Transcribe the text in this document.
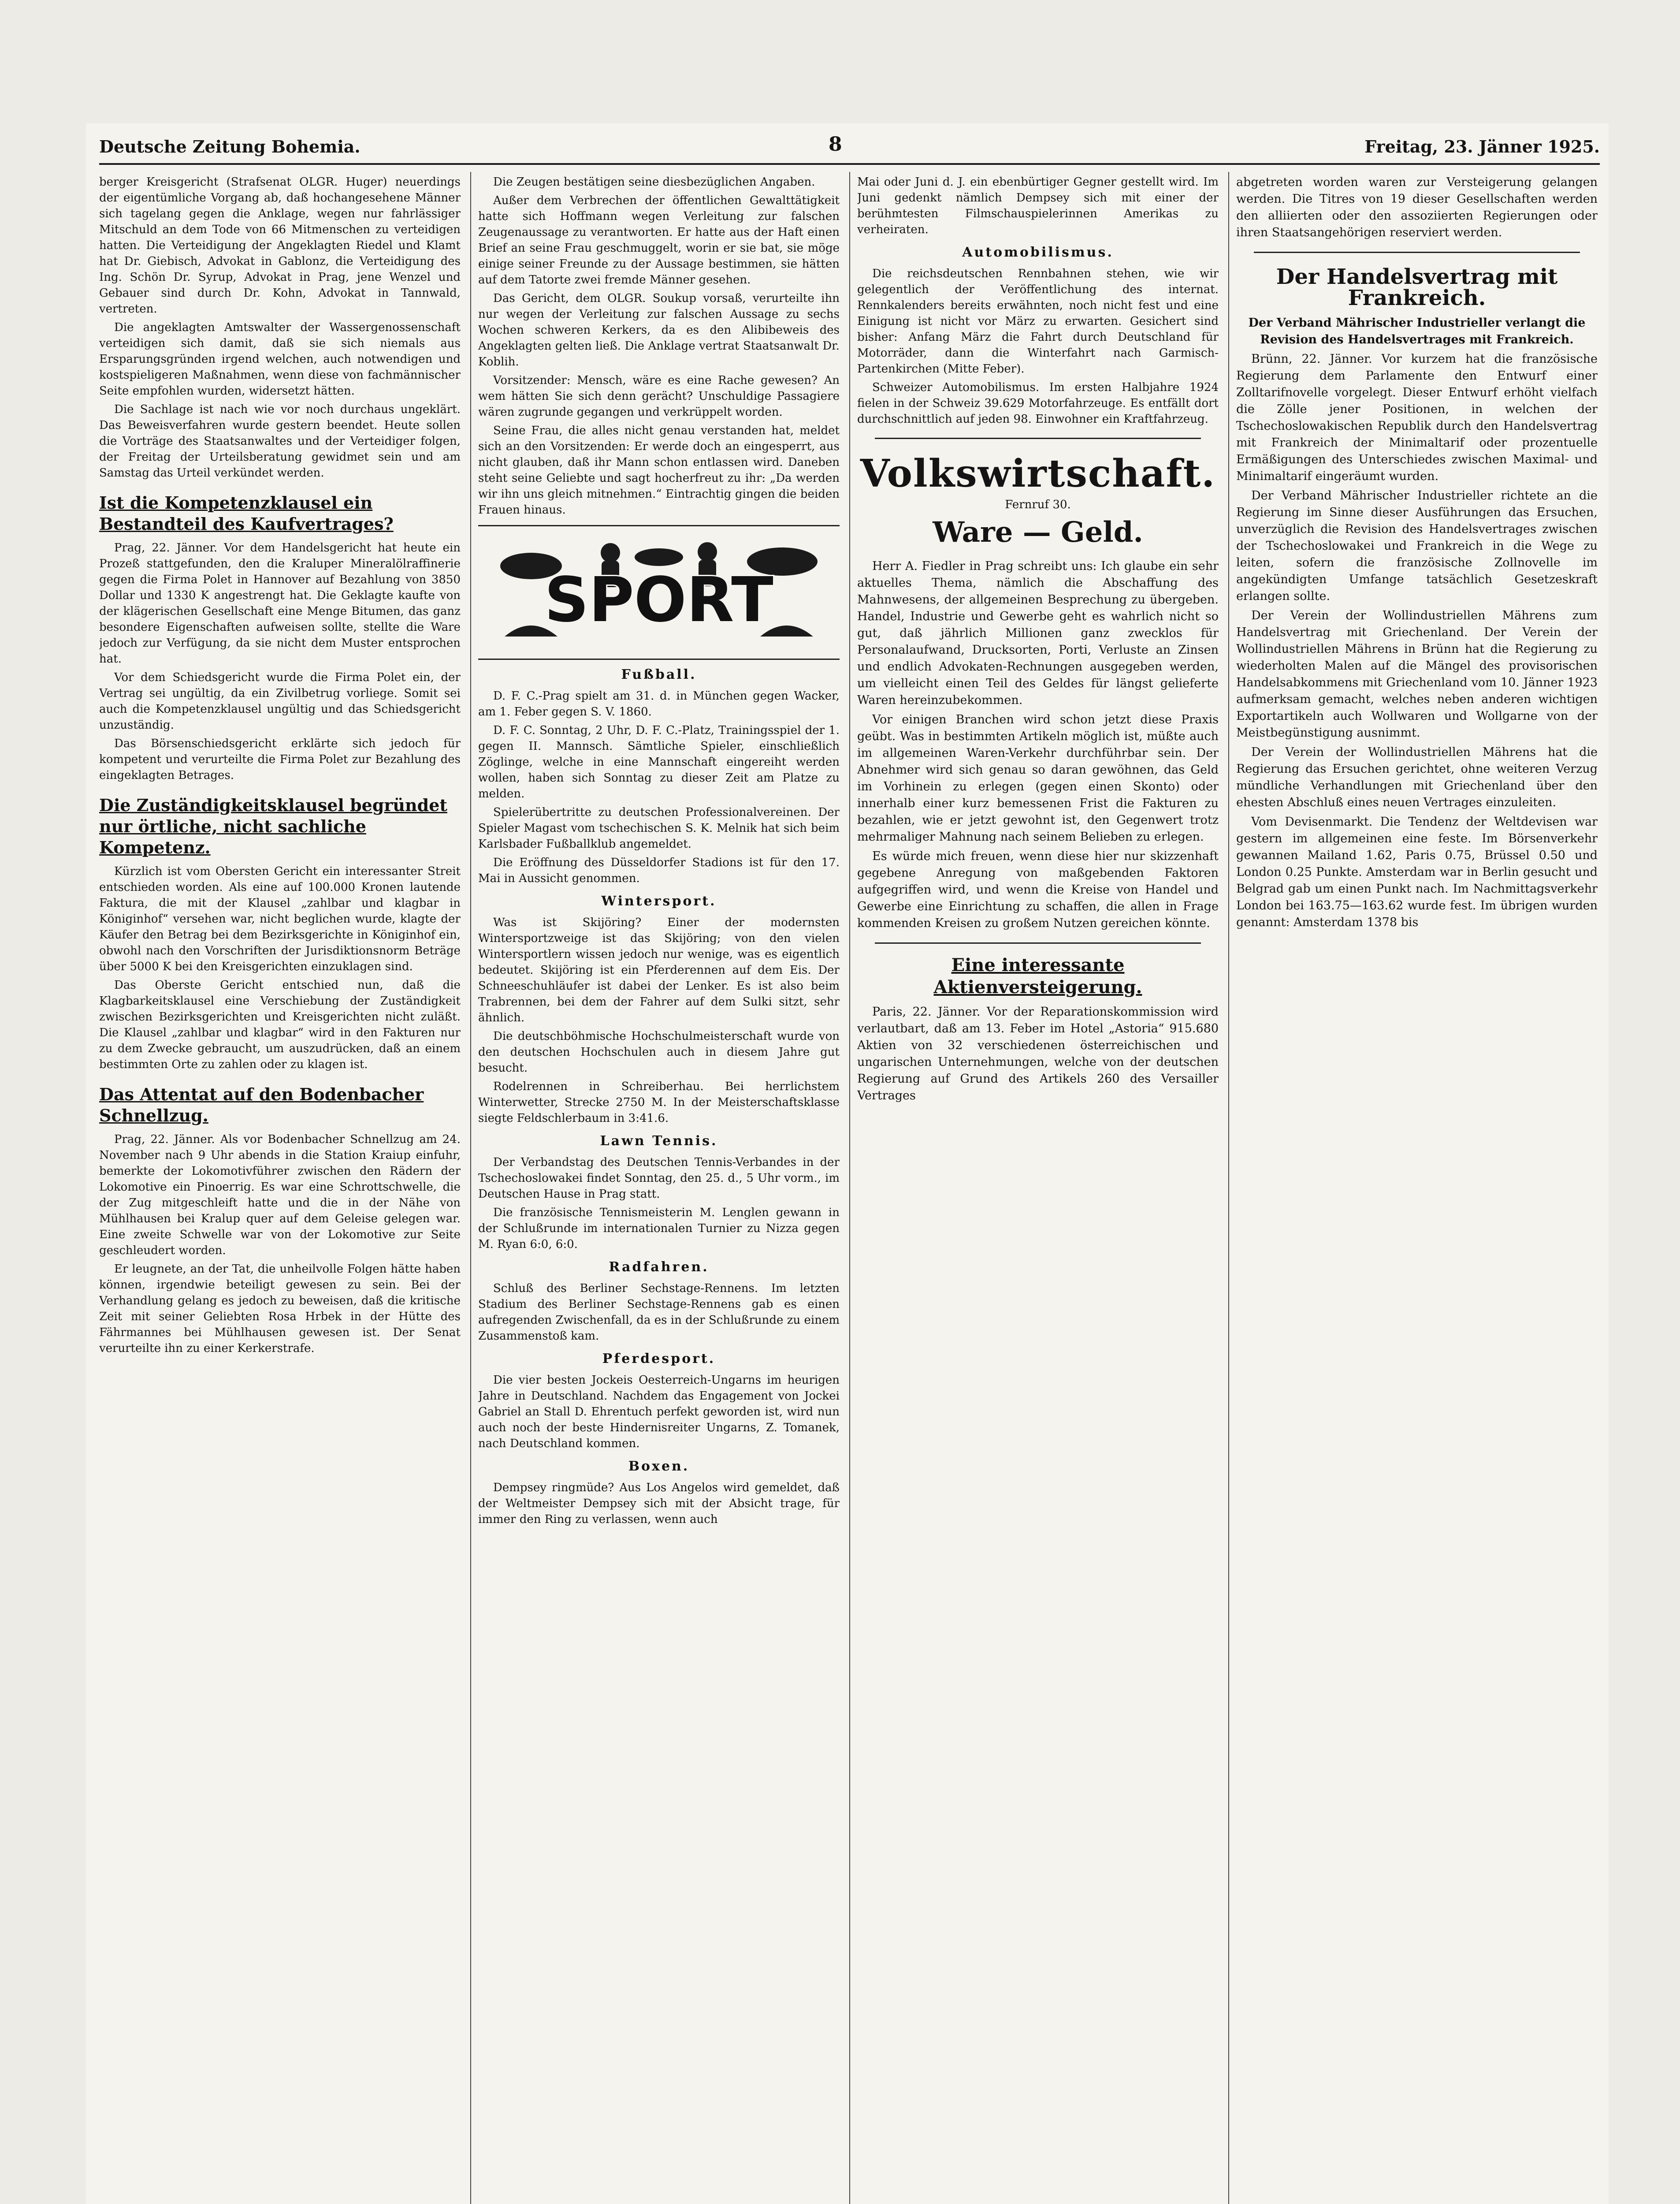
Deutsche Zeitung Bohemia.	8	Freitag, 23. Jänner 1925.

berger Kreisgericht (Strafsenat OLGR. Huger) neuerdings der eigentümliche Vorgang ab, daß hochangesehene Männer sich tagelang gegen die Anklage, wegen nur fahrlässiger Mitschuld an dem Tode von 66 Mitmenschen zu verteidigen hatten. Die Verteidigung der Angeklagten Riedel und Klamt hat Dr. Giebisch, Advokat in Gablonz, die Verteidigung des Ing. Schön Dr. Syrup, Advokat in Prag, jene Wenzel und Gebauer sind durch Dr. Kohn, Advokat in Tannwald, vertreten.

Die angeklagten Amtswalter der Wassergenossenschaft verteidigen sich damit, daß sie sich niemals aus Ersparungsgründen irgend welchen, auch notwendigen und kostspieligeren Maßnahmen, wenn diese von fachmännischer Seite empfohlen wurden, widersetzt hätten.

Die Sachlage ist nach wie vor noch durchaus ungeklärt. Das Beweisverfahren wurde gestern beendet. Heute sollen die Vorträge des Staatsanwaltes und der Verteidiger folgen, der Freitag der Urteilsberatung gewidmet sein und am Samstag das Urteil verkündet werden.

Ist die Kompetenzklausel ein Bestandteil des Kaufvertrages?

Prag, 22. Jänner. Vor dem Handelsgericht hat heute ein Prozeß stattgefunden, den die Kraluper Mineralölraffinerie gegen die Firma Polet in Hannover auf Bezahlung von 3850 Dollar und 1330 K angestrengt hat. Die Geklagte kaufte von der klägerischen Gesellschaft eine Menge Bitumen, das ganz besondere Eigenschaften aufweisen sollte, stellte die Ware jedoch zur Verfügung, da sie nicht dem Muster entsprochen hat.

Vor dem Schiedsgericht wurde die Firma Polet ein, der Vertrag sei ungültig, da ein Zivilbetrug vorliege. Somit sei auch die Kompetenzklausel ungültig und das Schiedsgericht unzuständig.

Das Börsenschiedsgericht erklärte sich jedoch für kompetent und verurteilte die Firma Polet zur Bezahlung des eingeklagten Betrages.

Die Zuständigkeitsklausel begründet nur örtliche, nicht sachliche Kompetenz.

Kürzlich ist vom Obersten Gericht ein interessanter Streit entschieden worden. Als eine auf 100.000 Kronen lautende Faktura, die mit der Klausel „zahlbar und klagbar in Königinhof“ versehen war, nicht beglichen wurde, klagte der Käufer den Betrag bei dem Bezirksgerichte in Königinhof ein, obwohl nach den Vorschriften der Jurisdiktionsnorm Beträge über 5000 K bei den Kreisgerichten einzuklagen sind.

Das Oberste Gericht entschied nun, daß die Klagbarkeitsklausel eine Verschiebung der Zuständigkeit zwischen Bezirksgerichten und Kreisgerichten nicht zuläßt. Die Klausel „zahlbar und klagbar“ wird in den Fakturen nur zu dem Zwecke gebraucht, um auszudrücken, daß an einem bestimmten Orte zu zahlen oder zu klagen ist.

Das Attentat auf den Bodenbacher Schnellzug.

Prag, 22. Jänner. Als vor Bodenbacher Schnellzug am 24. November nach 9 Uhr abends in die Station Kraiup einfuhr, bemerkte der Lokomotivführer zwischen den Rädern der Lokomotive ein Pinoerrig. Es war eine Schrottschwelle, die der Zug mitgeschleift hatte und die in der Nähe von Mühlhausen bei Kralup quer auf dem Geleise gelegen war. Eine zweite Schwelle war von der Lokomotive zur Seite geschleudert worden.

Er leugnete, an der Tat, die unheilvolle Folgen hätte haben können, irgendwie beteiligt gewesen zu sein. Bei der Verhandlung gelang es jedoch zu beweisen, daß die kritische Zeit mit seiner Geliebten Rosa Hrbek in der Hütte des Fährmannes bei Mühlhausen gewesen ist. Der Senat verurteilte ihn zu einer Kerkerstrafe.

Die Zeugen bestätigen seine diesbezüglichen Angaben.

Außer dem Verbrechen der öffentlichen Gewalttätigkeit hatte sich Hoffmann wegen Verleitung zur falschen Zeugenaussage zu verantworten. Er hatte aus der Haft einen Brief an seine Frau geschmuggelt, worin er sie bat, sie möge einige seiner Freunde zu der Aussage bestimmen, sie hätten auf dem Tatorte zwei fremde Männer gesehen.

Das Gericht, dem OLGR. Soukup vorsaß, verurteilte ihn nur wegen der Verleitung zur falschen Aussage zu sechs Wochen schweren Kerkers, da es den Alibibeweis des Angeklagten gelten ließ. Die Anklage vertrat Staatsanwalt Dr. Koblih.

Vorsitzender: Mensch, wäre es eine Rache gewesen? An wem hätten Sie sich denn gerächt? Unschuldige Passagiere wären zugrunde gegangen und verkrüppelt worden.

Seine Frau, die alles nicht genau verstanden hat, meldet sich an den Vorsitzenden: Er werde doch an eingesperrt, aus nicht glauben, daß ihr Mann schon entlassen wird. Daneben steht seine Geliebte und sagt hocherfreut zu ihr: „Da werden wir ihn uns gleich mitnehmen.“ Eintrachtig gingen die beiden Frauen hinaus.

SPORT
Fußball.

D. F. C.-Prag spielt am 31. d. in München gegen Wacker, am 1. Feber gegen S. V. 1860.

D. F. C. Sonntag, 2 Uhr, D. F. C.-Platz, Trainingsspiel der 1. gegen II. Mannsch. Sämtliche Spieler, einschließlich Zöglinge, welche in eine Mannschaft eingereiht werden wollen, haben sich Sonntag zu dieser Zeit am Platze zu melden.

Spielerübertritte zu deutschen Professionalvereinen. Der Spieler Magast vom tschechischen S. K. Melnik hat sich beim Karlsbader Fußballklub angemeldet.

Die Eröffnung des Düsseldorfer Stadions ist für den 17. Mai in Aussicht genommen.

Wintersport.

Was ist Skijöring? Einer der modernsten Wintersportzweige ist das Skijöring; von den vielen Wintersportlern wissen jedoch nur wenige, was es eigentlich bedeutet. Skijöring ist ein Pferderennen auf dem Eis. Der Schneeschuhläufer ist dabei der Lenker. Es ist also beim Trabrennen, bei dem der Fahrer auf dem Sulki sitzt, sehr ähnlich.

Die deutschböhmische Hochschulmeisterschaft wurde von den deutschen Hochschulen auch in diesem Jahre gut besucht.

Rodelrennen in Schreiberhau. Bei herrlichstem Winterwetter, Strecke 2750 M. In der Meisterschaftsklasse siegte Feldschlerbaum in 3:41.6.

Lawn Tennis.

Der Verbandstag des Deutschen Tennis-Verbandes in der Tschechoslowakei findet Sonntag, den 25. d., 5 Uhr vorm., im Deutschen Hause in Prag statt.

Die französische Tennismeisterin M. Lenglen gewann in der Schlußrunde im internationalen Turnier zu Nizza gegen M. Ryan 6:0, 6:0.

Radfahren.

Schluß des Berliner Sechstage-Rennens. Im letzten Stadium des Berliner Sechstage-Rennens gab es einen aufregenden Zwischenfall, da es in der Schlußrunde zu einem Zusammenstoß kam.

Pferdesport.

Die vier besten Jockeis Oesterreich-Ungarns im heurigen Jahre in Deutschland. Nachdem das Engagement von Jockei Gabriel an Stall D. Ehrentuch perfekt geworden ist, wird nun auch noch der beste Hindernisreiter Ungarns, Z. Tomanek, nach Deutschland kommen.

Boxen.

Dempsey ringmüde? Aus Los Angelos wird gemeldet, daß der Weltmeister Dempsey sich mit der Absicht trage, für immer den Ring zu verlassen, wenn auch

Mai oder Juni d. J. ein ebenbürtiger Gegner gestellt wird. Im Juni gedenkt nämlich Dempsey sich mit einer der berühmtesten Filmschauspielerinnen Amerikas zu verheiraten.

Automobilismus.

Die reichsdeutschen Rennbahnen stehen, wie wir gelegentlich der Veröffentlichung des internat. Rennkalenders bereits erwähnten, noch nicht fest und eine Einigung ist nicht vor März zu erwarten. Gesichert sind bisher: Anfang März die Fahrt durch Deutschland für Motorräder, dann die Winterfahrt nach Garmisch-Partenkirchen (Mitte Feber).

Schweizer Automobilismus. Im ersten Halbjahre 1924 fielen in der Schweiz 39.629 Motorfahrzeuge. Es entfällt dort durchschnittlich auf jeden 98. Einwohner ein Kraftfahrzeug.

Volkswirtschaft.
Fernruf 30.
Ware — Geld.

Herr A. Fiedler in Prag schreibt uns: Ich glaube ein sehr aktuelles Thema, nämlich die Abschaffung des Mahnwesens, der allgemeinen Besprechung zu übergeben. Handel, Industrie und Gewerbe geht es wahrlich nicht so gut, daß jährlich Millionen ganz zwecklos für Personalaufwand, Drucksorten, Porti, Verluste an Zinsen und endlich Advokaten-Rechnungen ausgegeben werden, um vielleicht einen Teil des Geldes für längst gelieferte Waren hereinzubekommen.

Vor einigen Branchen wird schon jetzt diese Praxis geübt. Was in bestimmten Artikeln möglich ist, müßte auch im allgemeinen Waren-Verkehr durchführbar sein. Der Abnehmer wird sich genau so daran gewöhnen, das Geld im Vorhinein zu erlegen (gegen einen Skonto) oder innerhalb einer kurz bemessenen Frist die Fakturen zu bezahlen, wie er jetzt gewohnt ist, den Gegenwert trotz mehrmaliger Mahnung nach seinem Belieben zu erlegen.

Es würde mich freuen, wenn diese hier nur skizzenhaft gegebene Anregung von maßgebenden Faktoren aufgegriffen wird, und wenn die Kreise von Handel und Gewerbe eine Einrichtung zu schaffen, die allen in Frage kommenden Kreisen zu großem Nutzen gereichen könnte.

Eine interessante Aktienversteigerung.

Paris, 22. Jänner. Vor der Reparationskommission wird verlautbart, daß am 13. Feber im Hotel „Astoria“ 915.680 Aktien von 32 verschiedenen österreichischen und ungarischen Unternehmungen, welche von der deutschen Regierung auf Grund des Artikels 260 des Versailler Vertrages

abgetreten worden waren zur Versteigerung gelangen werden. Die Titres von 19 dieser Gesellschaften werden den alliierten oder den assoziierten Regierungen oder ihren Staatsangehörigen reserviert werden.

Der Handelsvertrag mit Frankreich.

Der Verband Mährischer Industrieller verlangt die Revision des Handelsvertrages mit Frankreich.

Brünn, 22. Jänner. Vor kurzem hat die französische Regierung dem Parlamente den Entwurf einer Zolltarifnovelle vorgelegt. Dieser Entwurf erhöht vielfach die Zölle jener Positionen, in welchen der Tschechoslowakischen Republik durch den Handelsvertrag mit Frankreich der Minimaltarif oder prozentuelle Ermäßigungen des Unterschiedes zwischen Maximal- und Minimaltarif eingeräumt wurden.

Der Verband Mährischer Industrieller richtete an die Regierung im Sinne dieser Ausführungen das Ersuchen, unverzüglich die Revision des Handelsvertrages zwischen der Tschechoslowakei und Frankreich in die Wege zu leiten, sofern die französische Zollnovelle im angekündigten Umfange tatsächlich Gesetzeskraft erlangen sollte.

Der Verein der Wollindustriellen Mährens zum Handelsvertrag mit Griechenland. Der Verein der Wollindustriellen Mährens in Brünn hat die Regierung zu wiederholten Malen auf die Mängel des provisorischen Handelsabkommens mit Griechenland vom 10. Jänner 1923 aufmerksam gemacht, welches neben anderen wichtigen Exportartikeln auch Wollwaren und Wollgarne von der Meistbegünstigung ausnimmt.

Der Verein der Wollindustriellen Mährens hat die Regierung das Ersuchen gerichtet, ohne weiteren Verzug mündliche Verhandlungen mit Griechenland über den ehesten Abschluß eines neuen Vertrages einzuleiten.

Vom Devisenmarkt. Die Tendenz der Weltdevisen war gestern im allgemeinen eine feste. Im Börsenverkehr gewannen Mailand 1.62, Paris 0.75, Brüssel 0.50 und London 0.25 Punkte. Amsterdam war in Berlin gesucht und Belgrad gab um einen Punkt nach. Im Nachmittagsverkehr London bei 163.75—163.62 wurde fest. Im übrigen wurden genannt: Amsterdam 1378 bis
